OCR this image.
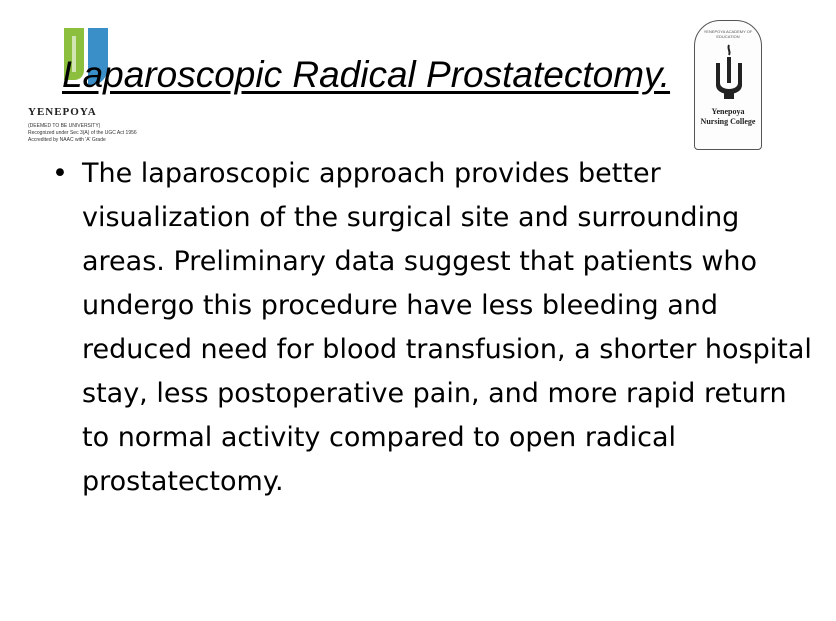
YENEPOYA
(DEEMED TO BE UNIVERSITY)
Recognized under Sec 3(A) of the UGC Act 1956
Accredited by NAAC with 'A' Grade
YENEPOYA ACADEMY OF EDUCATION
Yenepoya
Nursing College
Laparoscopic Radical Prostatectomy.
• The laparoscopic approach provides better visualization of the surgical site and surrounding areas. Preliminary data suggest that patients who undergo this procedure have less bleeding and reduced need for blood transfusion, a shorter hospital stay, less postoperative pain, and more rapid return to normal activity compared to open radical prostatectomy.
